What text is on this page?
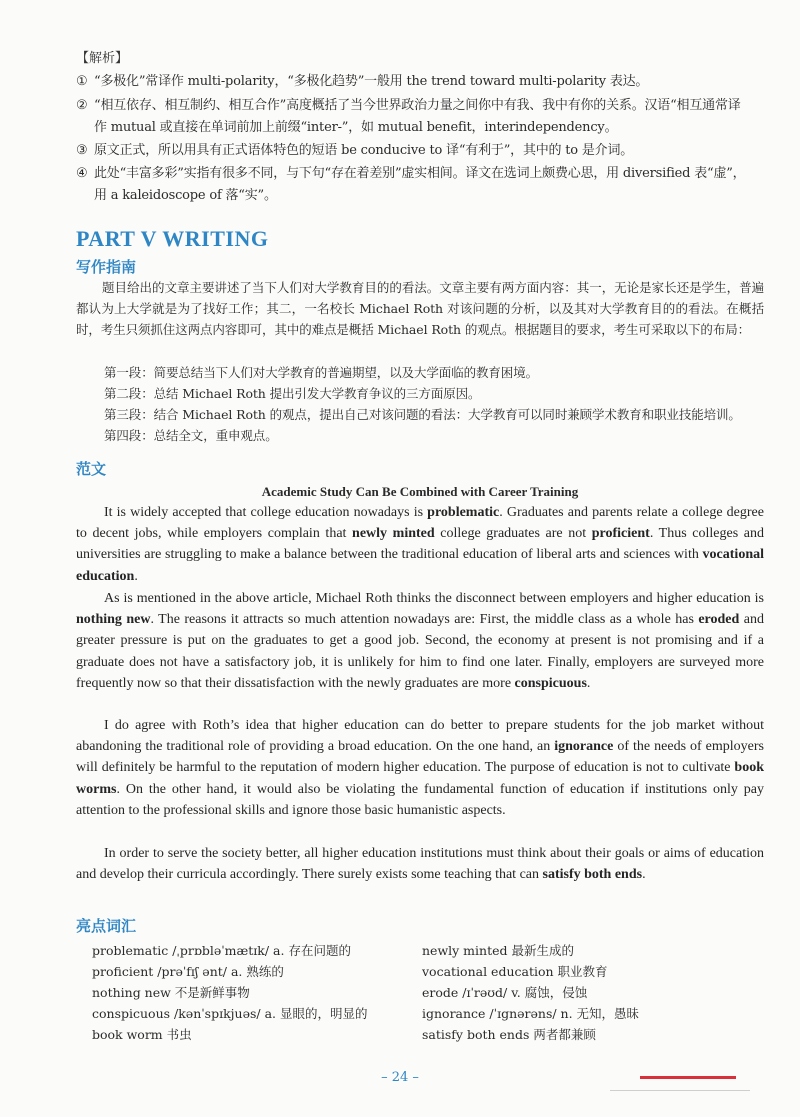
【解析】
① “多极化”常译作 multi-polarity，“多极化趋势”一般用 the trend toward multi-polarity 表达。
② “相互依存、相互制约、相互合作”高度概括了当今世界政治力量之间你中有我、我中有你的关系。汉语“相互通常译
作 mutual 或直接在单词前加上前缀“inter-”，如 mutual benefit，interindependency。
③ 原文正式，所以用具有正式语体特色的短语 be conducive to 译“有利于”，其中的 to 是介词。
④ 此处“丰富多彩”实指有很多不同，与下句“存在着差别”虚实相间。译文在选词上颇费心思，用 diversified 表“虚”，
用 a kaleidoscope of 落“实”。
PART V WRITING
写作指南
题目给出的文章主要讲述了当下人们对大学教育目的的看法。文章主要有两方面内容：其一，无论是家长还是学生，普遍都认为上大学就是为了找好工作；其二，一名校长 Michael Roth 对该问题的分析，以及其对大学教育目的的看法。在概括时，考生只须抓住这两点内容即可，其中的难点是概括 Michael Roth 的观点。根据题目的要求，考生可采取以下的布局：
第一段：简要总结当下人们对大学教育的普遍期望，以及大学面临的教育困境。
第二段：总结 Michael Roth 提出引发大学教育争议的三方面原因。
第三段：结合 Michael Roth 的观点，提出自己对该问题的看法：大学教育可以同时兼顾学术教育和职业技能培训。
第四段：总结全文，重申观点。
范文
Academic Study Can Be Combined with Career Training
It is widely accepted that college education nowadays is problematic. Graduates and parents relate a college degree to decent jobs, while employers complain that newly minted college graduates are not proficient. Thus colleges and universities are struggling to make a balance between the traditional education of liberal arts and sciences with vocational education.
As is mentioned in the above article, Michael Roth thinks the disconnect between employers and higher education is nothing new. The reasons it attracts so much attention nowadays are: First, the middle class as a whole has eroded and greater pressure is put on the graduates to get a good job. Second, the economy at present is not promising and if a graduate does not have a satisfactory job, it is unlikely for him to find one later. Finally, employers are surveyed more frequently now so that their dissatisfaction with the newly graduates are more conspicuous.
I do agree with Roth’s idea that higher education can do better to prepare students for the job market without abandoning the traditional role of providing a broad education. On the one hand, an ignorance of the needs of employers will definitely be harmful to the reputation of modern higher education. The purpose of education is not to cultivate book worms. On the other hand, it would also be violating the fundamental function of education if institutions only pay attention to the professional skills and ignore those basic humanistic aspects.
In order to serve the society better, all higher education institutions must think about their goals or aims of education and develop their curricula accordingly. There surely exists some teaching that can satisfy both ends.
亮点词汇
problematic /ˌprɒbləˈmætɪk/ a. 存在问题的
proficient /prəˈfɪʃ ənt/ a. 熟练的
nothing new 不是新鲜事物
conspicuous /kənˈspɪkjuəs/ a. 显眼的，明显的
book worm 书虫
newly minted 最新生成的
vocational education 职业教育
erode /ɪˈrəʊd/ v. 腐蚀，侵蚀
ignorance /ˈɪgnərəns/ n. 无知，愚昧
satisfy both ends 两者都兼顾
– 24 –
